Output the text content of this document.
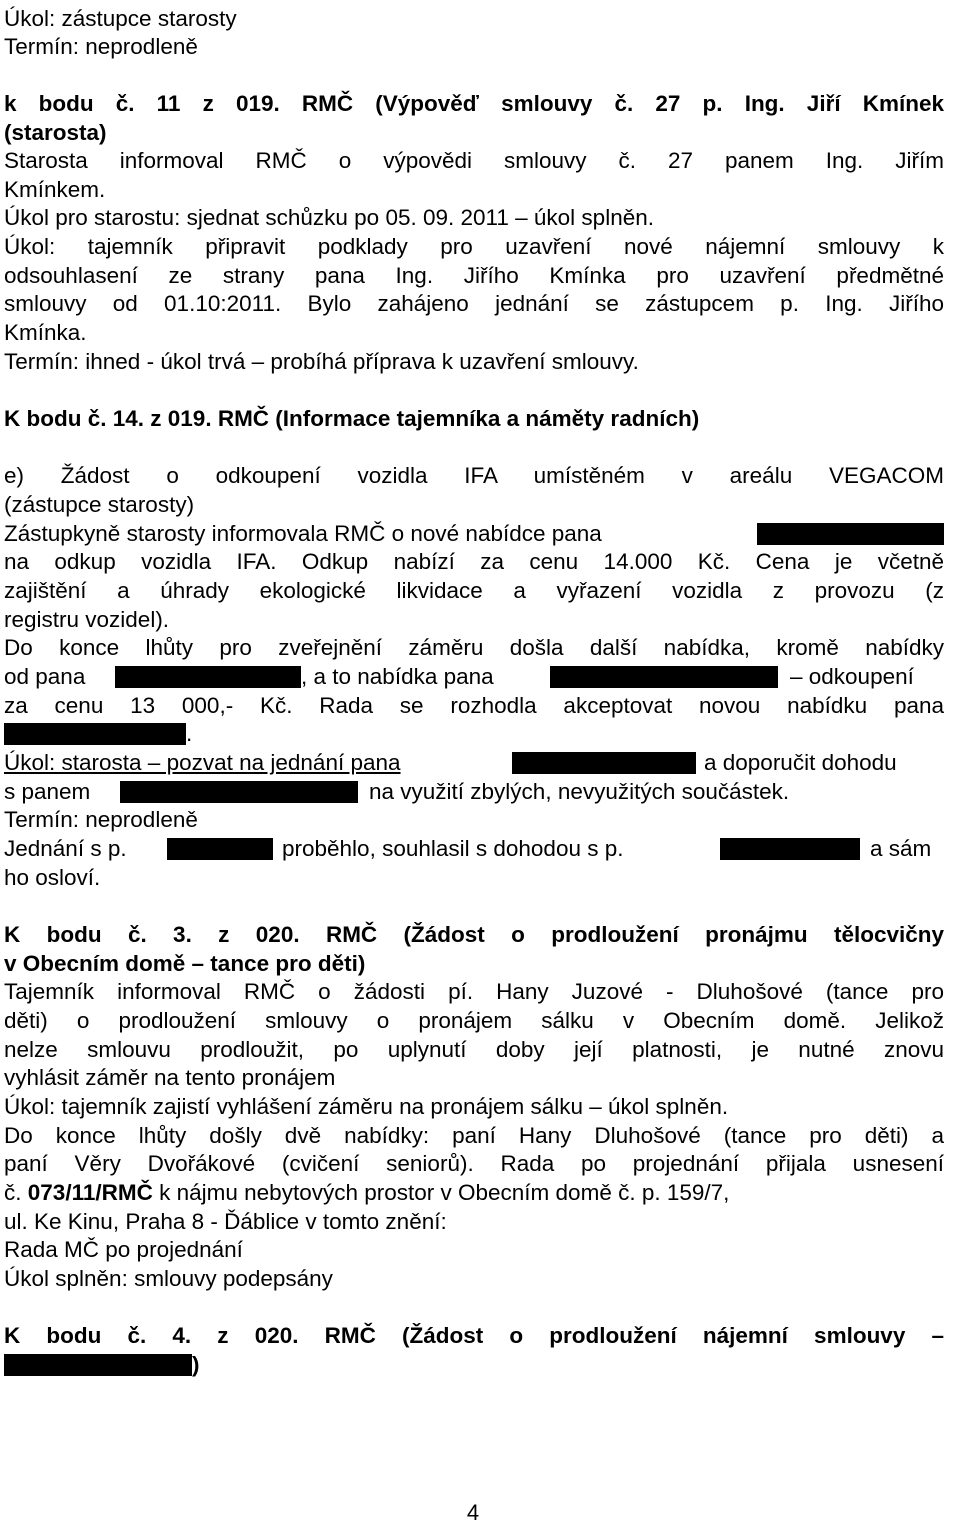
Úkol: zástupce starosty
Termín: neprodleně
k bodu č. 11 z 019. RMČ (Výpověď smlouvy č. 27 p. Ing. Jiří Kmínek
(starosta)
Starosta informoval RMČ o výpovědi smlouvy č. 27 panem Ing. Jiřím
Kmínkem.
Úkol pro starostu: sjednat schůzku po 05. 09. 2011 – úkol splněn.
Úkol: tajemník připravit podklady pro uzavření nové nájemní smlouvy k
odsouhlasení ze strany pana Ing. Jiřího Kmínka pro uzavření předmětné
smlouvy od 01.10:2011. Bylo zahájeno jednání se zástupcem p. Ing. Jiřího
Kmínka.
Termín: ihned - úkol trvá – probíhá příprava k uzavření smlouvy.
K bodu č. 14. z 019. RMČ (Informace tajemníka a náměty radních)
e) Žádost o odkoupení vozidla IFA umístěném v areálu VEGACOM
(zástupce starosty)
Zástupkyně starosty informovala RMČ o nové nabídce pana
na odkup vozidla IFA. Odkup nabízí za cenu 14.000 Kč. Cena je včetně
zajištění a úhrady ekologické likvidace a vyřazení vozidla z provozu (z
registru vozidel).
Do konce lhůty pro zveřejnění záměru došla další nabídka, kromě nabídky
od pana	, a to nabídka pana	– odkoupení
za cenu 13 000,- Kč. Rada se rozhodla akceptovat novou nabídku pana
.
Úkol: starosta – pozvat na jednání pana	a doporučit dohodu
s panem	na využití zbylých, nevyužitých součástek.
Termín: neprodleně
Jednání s p.	proběhlo, souhlasil s dohodou s p.	a sám
ho osloví.
K bodu č. 3. z 020. RMČ (Žádost o prodloužení pronájmu tělocvičny
v Obecním domě – tance pro děti)
Tajemník informoval RMČ o žádosti pí. Hany Juzové - Dluhošové (tance pro
děti) o prodloužení smlouvy o pronájem sálku v Obecním domě. Jelikož
nelze smlouvu prodloužit, po uplynutí doby její platnosti, je nutné znovu
vyhlásit záměr na tento pronájem
Úkol: tajemník zajistí vyhlášení záměru na pronájem sálku – úkol splněn.
Do konce lhůty došly dvě nabídky: paní Hany Dluhošové (tance pro děti) a
paní Věry Dvořákové (cvičení seniorů). Rada po projednání přijala usnesení
č. 073/11/RMČ k nájmu nebytových prostor v Obecním domě č. p. 159/7,
ul. Ke Kinu, Praha 8 - Ďáblice v tomto znění:
Rada MČ po projednání
Úkol splněn: smlouvy podepsány
K bodu č. 4. z 020. RMČ (Žádost o prodloužení nájemní smlouvy –
)
4
